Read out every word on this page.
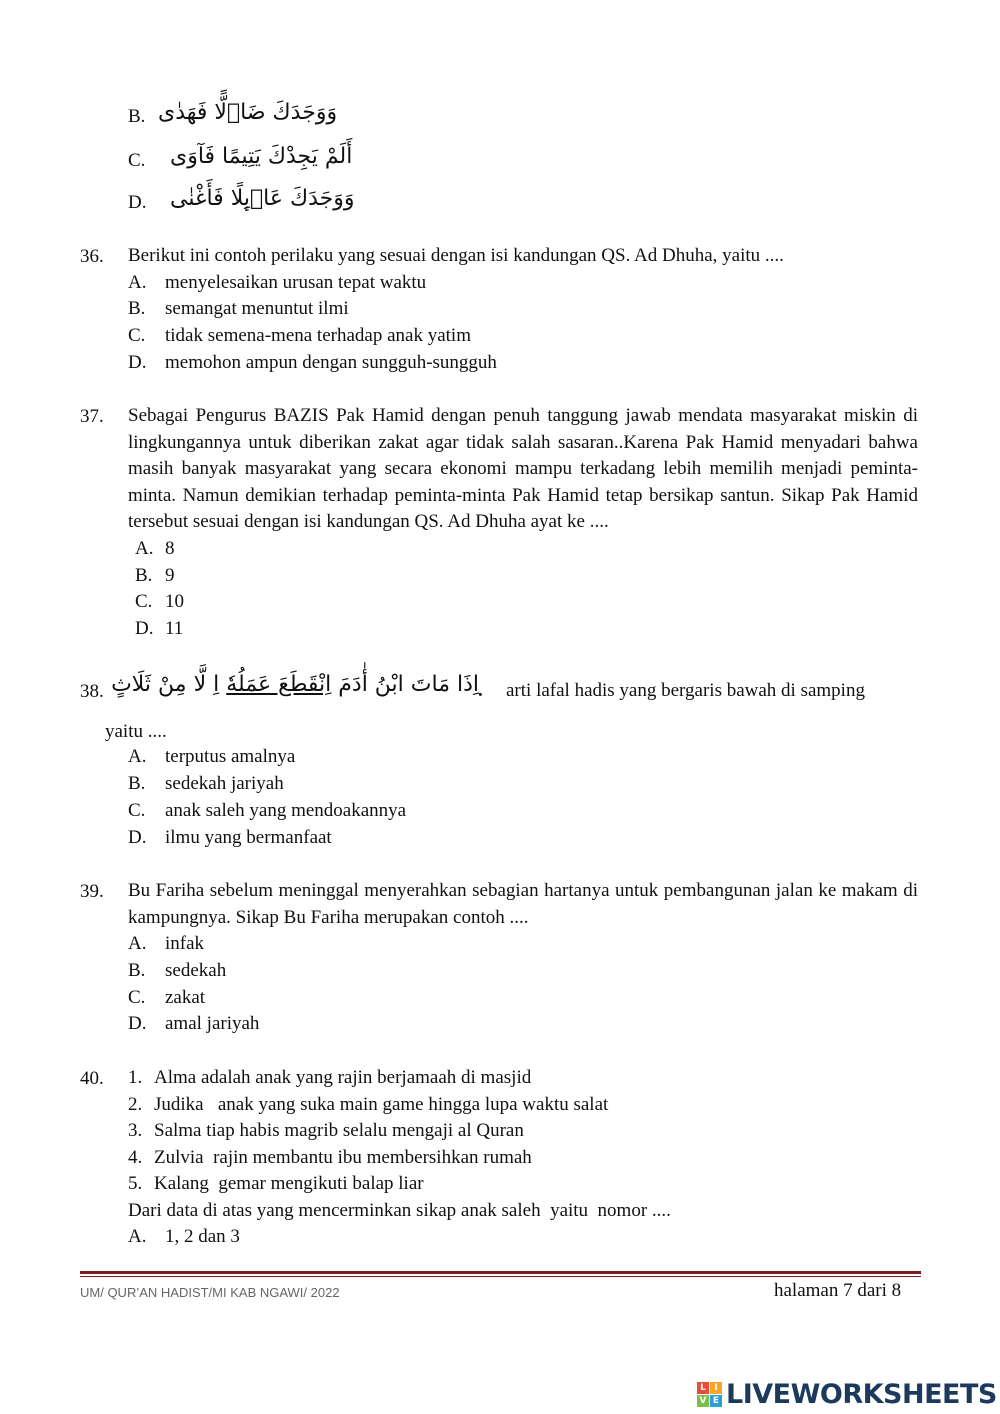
B. وَوَجَدَكَ ضَاۤلًّا فَهَدٰى
C. أَلَمْ يَجِدْكَ يَتِيمًا فَآوَى
D. وَوَجَدَكَ عَاۤىِٕلًا فَأَغْنٰى
36. Berikut ini contoh perilaku yang sesuai dengan isi kandungan QS. Ad Dhuha, yaitu ....
A. menyelesaikan urusan tepat waktu
B. semangat menuntut ilmi
C. tidak semena-mena terhadap anak yatim
D. memohon ampun dengan sungguh-sungguh
37. Sebagai Pengurus BAZIS Pak Hamid dengan penuh tanggung jawab mendata masyarakat miskin di lingkungannya untuk diberikan zakat agar tidak salah sasaran..Karena Pak Hamid menyadari bahwa masih banyak masyarakat yang secara ekonomi mampu terkadang lebih memilih menjadi peminta-minta. Namun demikian terhadap peminta-minta Pak Hamid tetap bersikap santun. Sikap Pak Hamid tersebut sesuai dengan isi kandungan QS. Ad Dhuha ayat ke ....
A. 8
B. 9
C. 10
D. 11
38.	اِذَا مَاتَ ابْنُ أٰدَمَ اِنْقَطَعَ عَمَلُهٗ اِ لَّا مِنْ ثَلَاثٍ	. arti lafal hadis yang bergaris bawah di samping
yaitu ....
A. terputus amalnya
B. sedekah jariyah
C. anak saleh yang mendoakannya
D. ilmu yang bermanfaat
39. Bu Fariha sebelum meninggal menyerahkan sebagian hartanya untuk pembangunan jalan ke makam di kampungnya. Sikap Bu Fariha merupakan contoh ....
A. infak
B. sedekah
C. zakat
D. amal jariyah
40. 1. Alma adalah anak yang rajin berjamaah di masjid
2. Judika   anak yang suka main game hingga lupa waktu salat
3. Salma tiap habis magrib selalu mengaji al Quran
4. Zulvia  rajin membantu ibu membersihkan rumah
5. Kalang  gemar mengikuti balap liar
Dari data di atas yang mencerminkan sikap anak saleh  yaitu  nomor ....
A. 1, 2 dan 3
UM/ QUR’AN HADIST/MI KAB NGAWI/ 2022	halaman 7 dari 8
L I
V E LIVEWORKSHEETS
